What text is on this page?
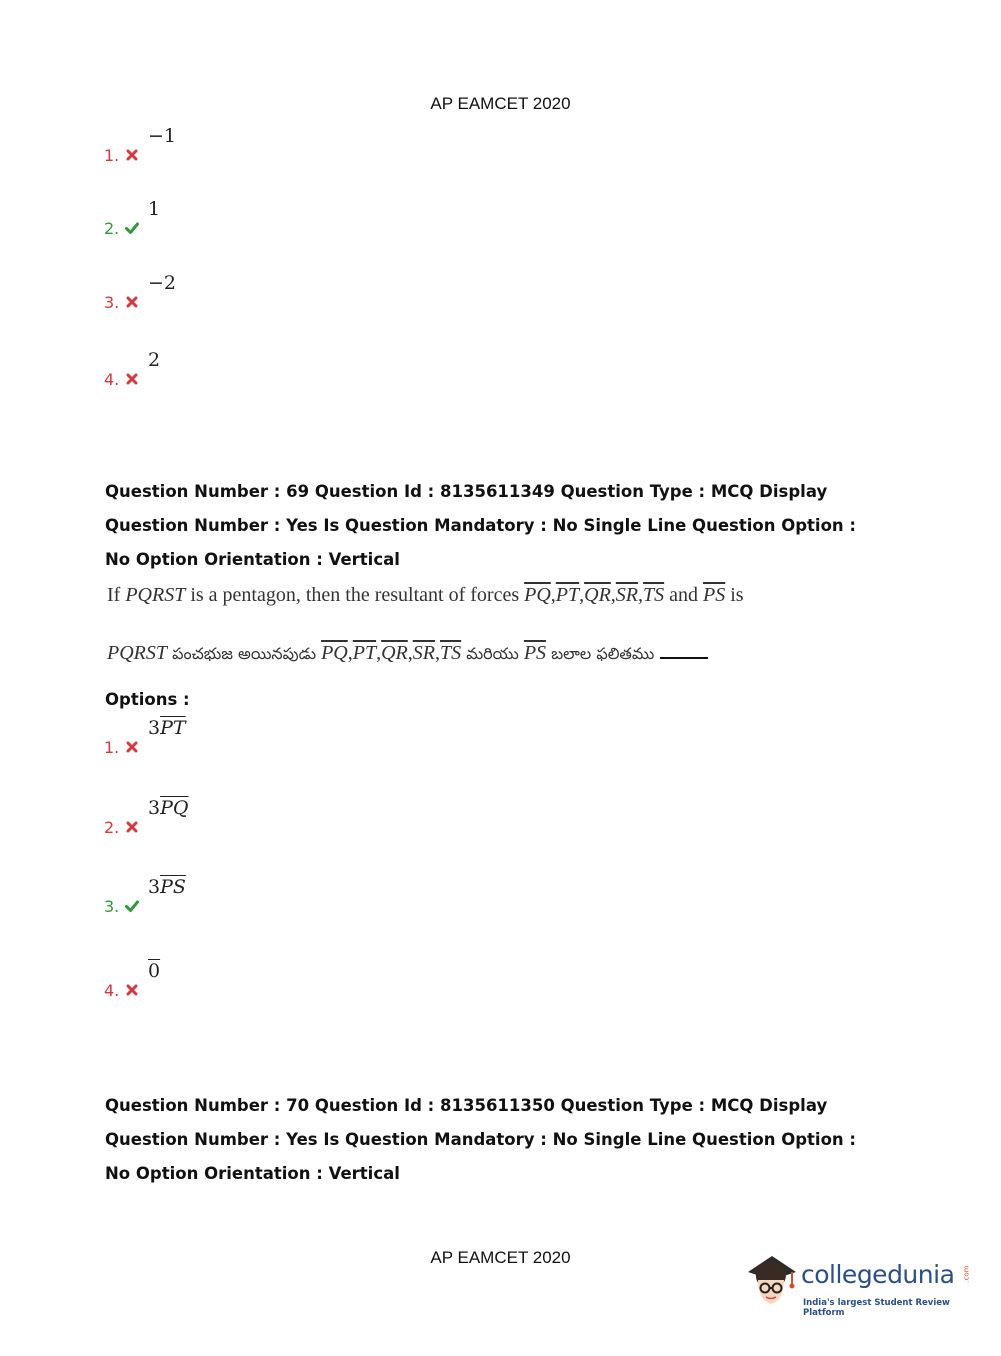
AP EAMCET 2020
1.
−1
2.
1
3.
−2
4.
2
Question Number : 69 Question Id : 8135611349 Question Type : MCQ Display Question Number : Yes Is Question Mandatory : No Single Line Question Option : No Option Orientation : Vertical
If PQRST is a pentagon, then the resultant of forces $\overline{PQ},\overline{PT},\overline{QR},\overline{SR},\overline{TS}$ and $\overline{PS}$ is
PQRST పంచభుజ అయినపుడు $\overline{PQ},\overline{PT},\overline{QR},\overline{SR},\overline{TS}$ మరియు $\overline{PS}$ బలాల ఫలితము
Options :
1.
$3\overline{PT}$
2.
$3\overline{PQ}$
3.
$3\overline{PS}$
4.
0
Question Number : 70 Question Id : 8135611350 Question Type : MCQ Display Question Number : Yes Is Question Mandatory : No Single Line Question Option : No Option Orientation : Vertical
AP EAMCET 2020
collegedunia .com
India's largest Student Review Platform
